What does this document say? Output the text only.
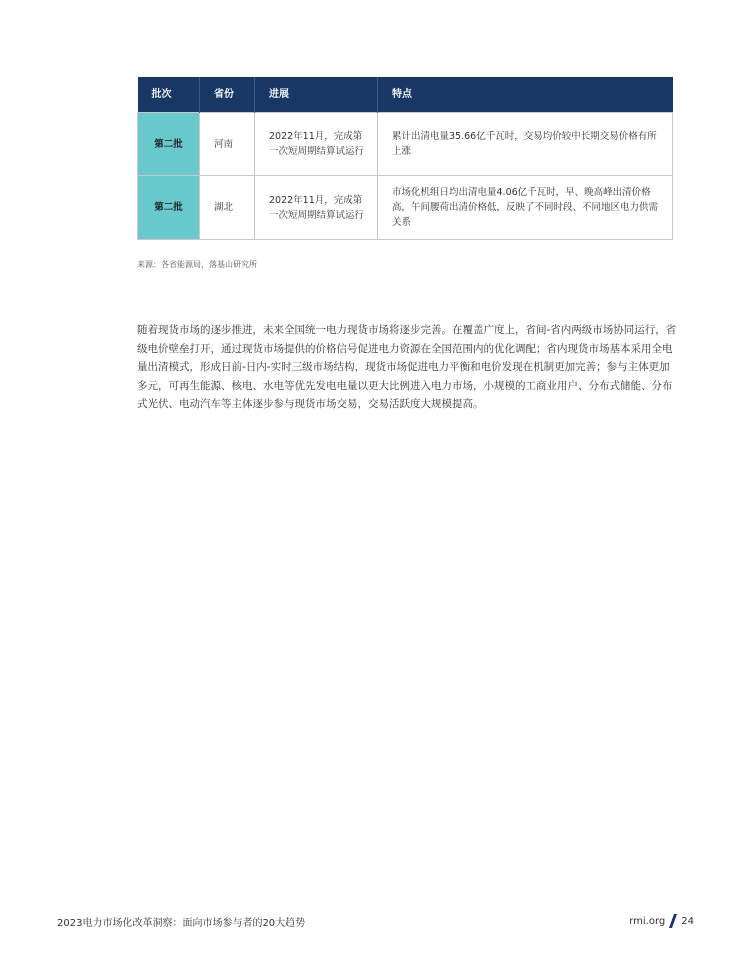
批次	省份	进展	特点
第二批	河南	2022年11月，完成第一次短周期结算试运行	累计出清电量35.66亿千瓦时，交易均价较中长期交易价格有所上涨
第二批	湖北	2022年11月，完成第一次短周期结算试运行	市场化机组日均出清电量4.06亿千瓦时，早、晚高峰出清价格高，午间腰荷出清价格低，反映了不同时段、不同地区电力供需关系
来源：各省能源局，落基山研究所

随着现货市场的逐步推进，未来全国统一电力现货市场将逐步完善。在覆盖广度上，省间-省内两级市场协同运行，省级电价壁垒打开，通过现货市场提供的价格信号促进电力资源在全国范围内的优化调配；省内现货市场基本采用全电量出清模式，形成日前-日内-实时三级市场结构，现货市场促进电力平衡和电价发现在机制更加完善；参与主体更加多元，可再生能源、核电、水电等优先发电电量以更大比例进入电力市场，小规模的工商业用户、分布式储能、分布式光伏、电动汽车等主体逐步参与现货市场交易，交易活跃度大规模提高。

2023电力市场化改革洞察：面向市场参与者的20大趋势	rmi.org 24
